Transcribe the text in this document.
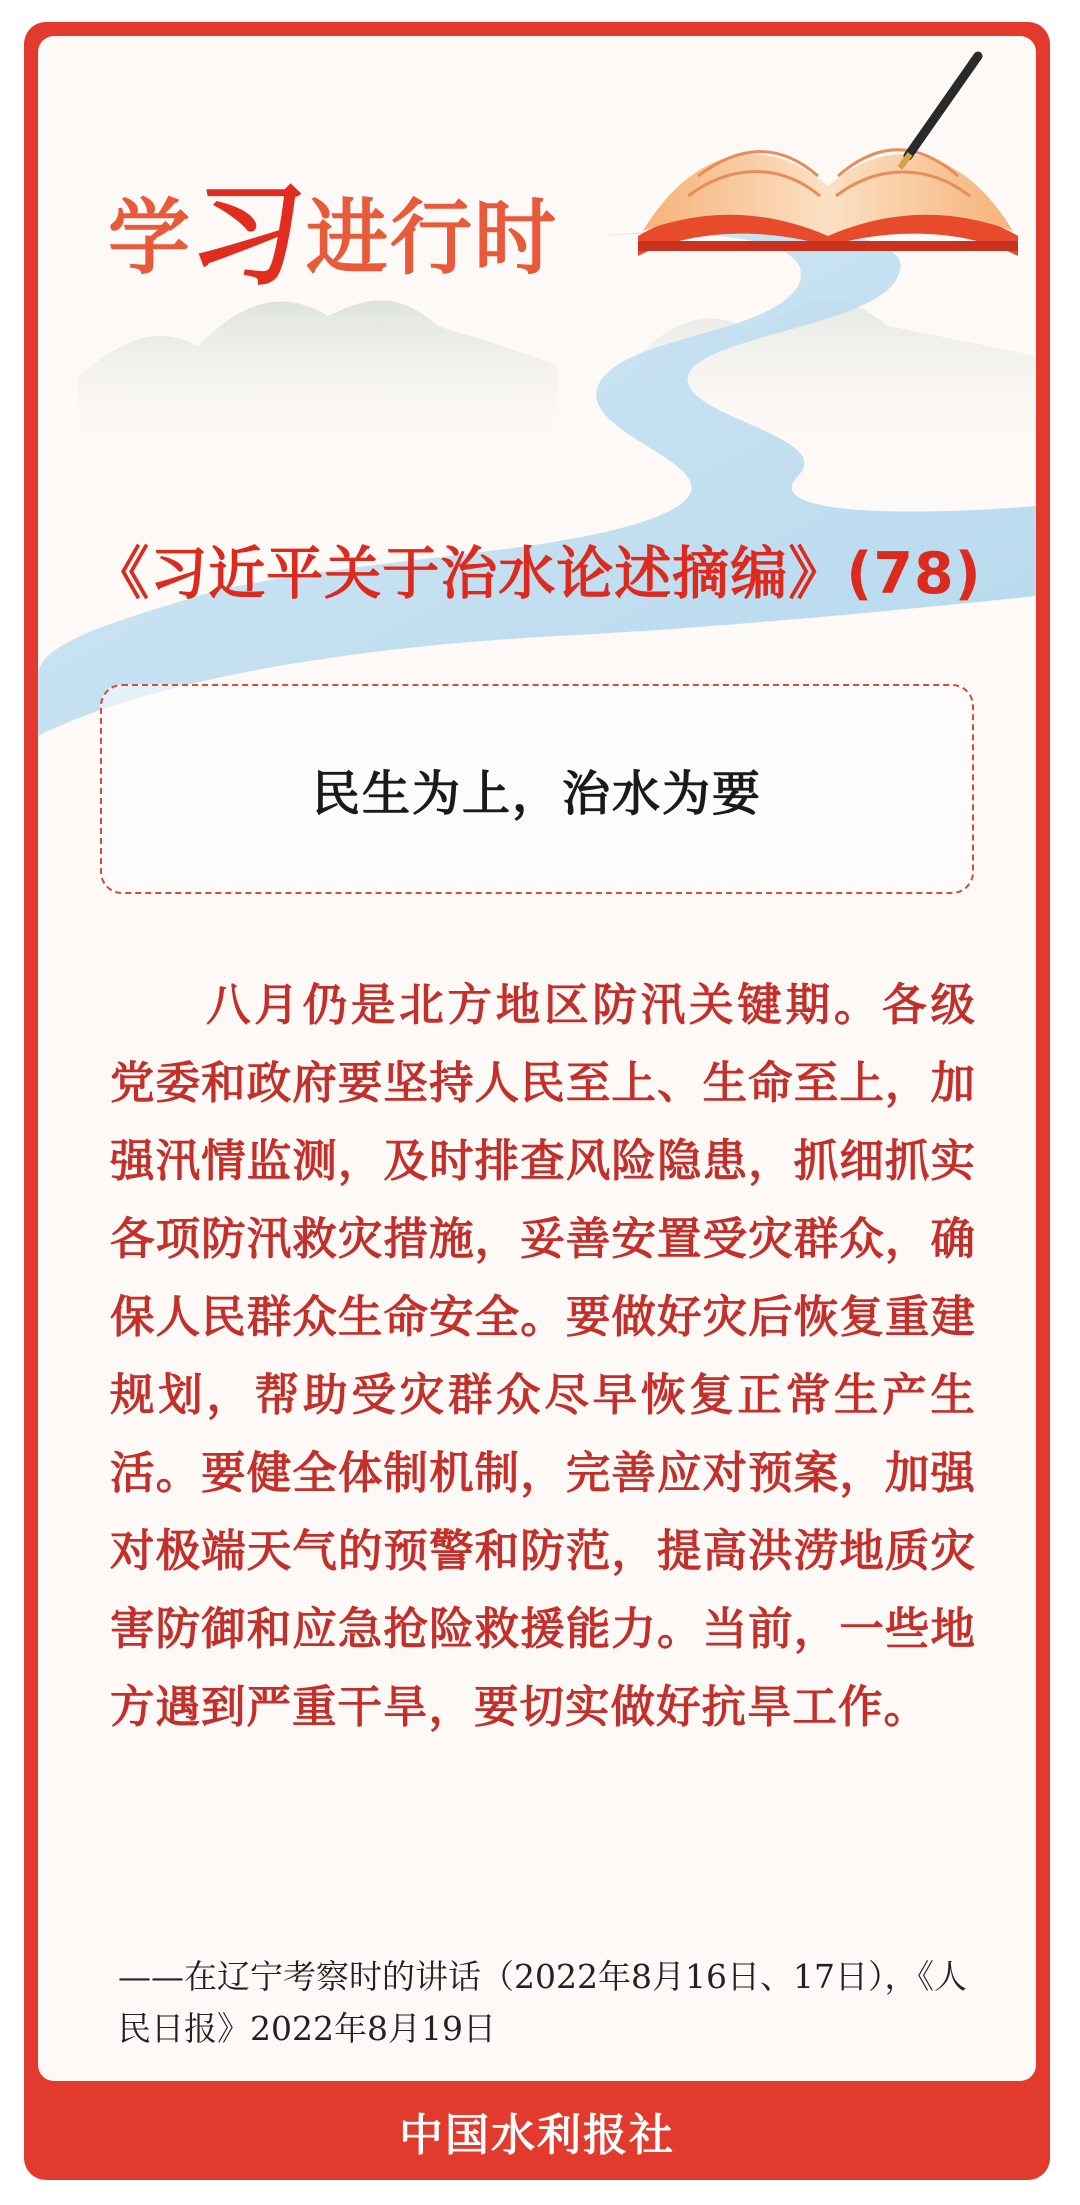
学习进行时
《习近平关于治水论述摘编》(78)
民生为上，治水为要
八月仍是北方地区防汛关键期。各级党委和政府要坚持人民至上、生命至上，加强汛情监测，及时排查风险隐患，抓细抓实各项防汛救灾措施，妥善安置受灾群众，确保人民群众生命安全。要做好灾后恢复重建规划，帮助受灾群众尽早恢复正常生产生活。要健全体制机制，完善应对预案，加强对极端天气的预警和防范，提高洪涝地质灾害防御和应急抢险救援能力。当前，一些地方遇到严重干旱，要切实做好抗旱工作。
——在辽宁考察时的讲话（2022年8月16日、17日），《人民日报》2022年8月19日
中国水利报社
